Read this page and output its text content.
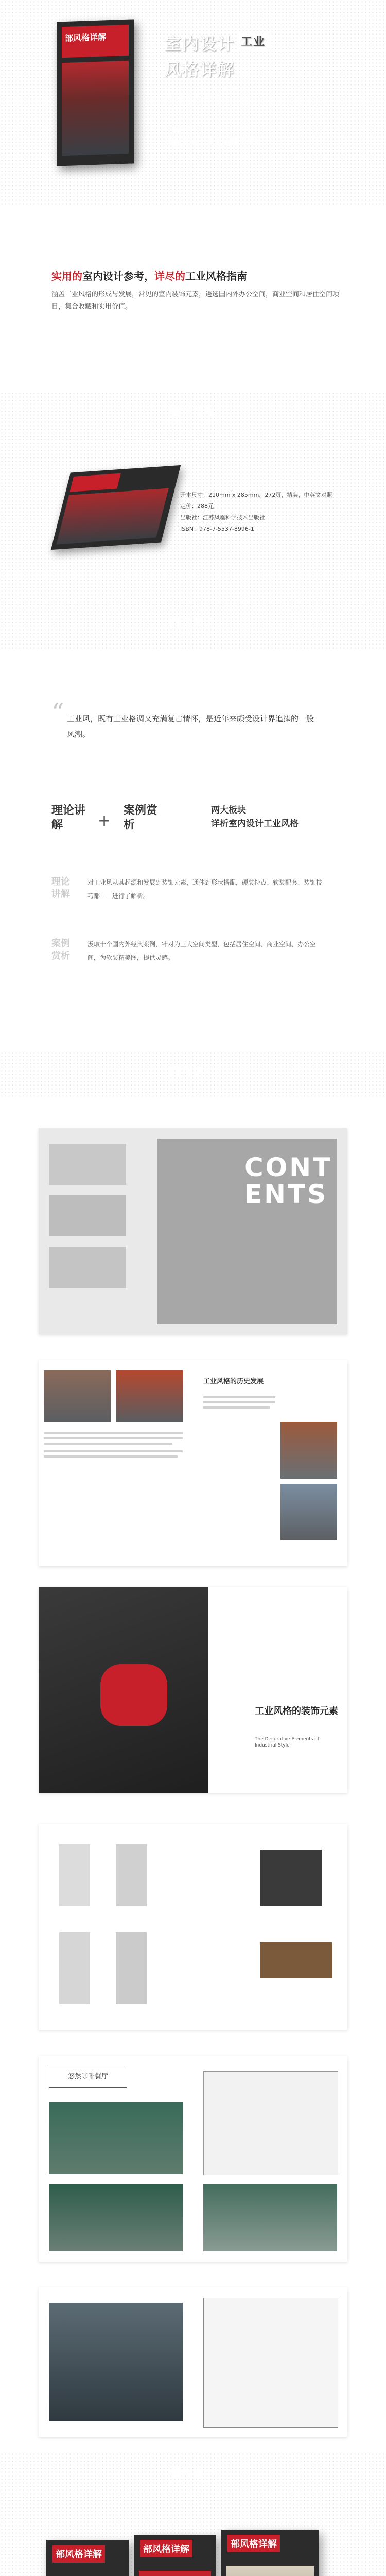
部风格详解	室内设计 工业
风格详解
MANUAL OF INDUSTRIAL INTERIOR DESIGN
一本书
带你走进工业风格的世界！
实用的室内设计参考，详尽的工业风格指南
涵盖工业风格的形成与发展，常见的室内装饰元素，遴选国内外办公空间，商业空间和居住空间项目，集合收藏和实用价值。
基本信息
Basic Information
开本尺寸：210mm x 285mm，272页，精装，中英文对照
定价：288元
出版社：江苏凤凰科学技术出版社
ISBN：978-7-5537-8996-1
内容简介
Introduction
“ 工业风，既有工业格调又充满复古情怀，是近年来颇受设计界追捧的一股风潮。
理论讲解	+
案例赏析
两大板块
详析室内设计工业风格
理论讲解
对工业风从其起源和发展到装饰元素，通体到形状搭配，硬装特点、软装配套、装饰技巧都——进行了解析。
案例赏析
汲取十个国内外经典案例，针对为三大空间类型，包括居住空间、商业空间、办公空间，为软装精美图，提供灵感。
内页展示
Page Display
CONTENTS
工业风格的历史发展
工业风格的装饰元素
The Decorative Elements of Industrial Style
悠然咖啡餐厅
相关图书
Similar Books
部风格详解	部风格详解	部风格详解
